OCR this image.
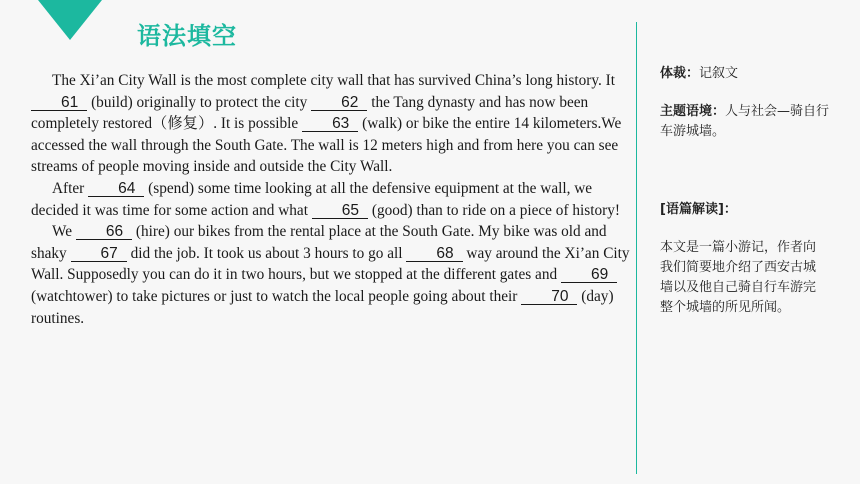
语法填空

The Xi’an City Wall is the most complete city wall that has survived China’s long history. It 61 (build) originally to protect the city 62 the Tang dynasty and has now been completely restored（修复）. It is possible 63 (walk) or bike the entire 14 kilometers.We accessed the wall through the South Gate. The wall is 12 meters high and from here you can see streams of people moving inside and outside the City Wall.

After 64 (spend) some time looking at all the defensive equipment at the wall, we decided it was time for some action and what 65 (good) than to ride on a piece of history!

We 66 (hire) our bikes from the rental place at the South Gate. My bike was old and shaky 67 did the job. It took us about 3 hours to go all 68 way around the Xi’an City Wall. Supposedly you can do it in two hours, but we stopped at the different gates and 69 (watchtower) to take pictures or just to watch the local people going about their 70 (day) routines.

体裁：记叙文
主题语境：人与社会—骑自行车游城墙。
[语篇解读]：
本文是一篇小游记，作者向我们简要地介绍了西安古城墙以及他自己骑自行车游完整个城墙的所见所闻。
